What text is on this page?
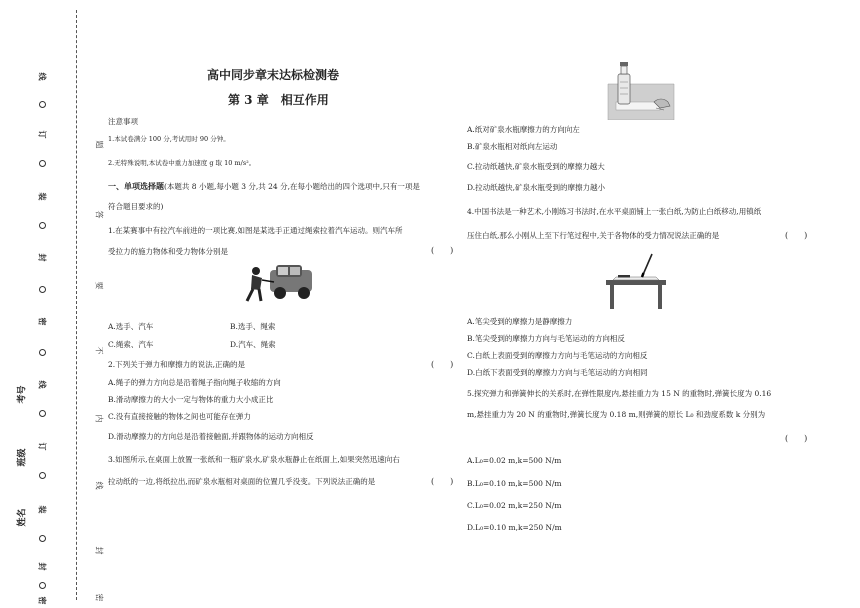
线
订
装
封
密
线
订
装
封
密
题
答
要
不
内
线
封
密
考号
班级
姓名
高中同步章末达标检测卷
第 3 章　相互作用
注意事项
1.本试卷满分 100 分,考试用时 90 分钟。
2.无特殊说明,本试卷中重力加速度 g 取 10 m/s²。
一、单项选择题(本题共 8 小题,每小题 3 分,共 24 分,在每小题给出的四个选项中,只有一项是
符合题目要求的)
1.在某赛事中有拉汽车前进的一项比赛,如图是某选手正通过绳索拉着汽车运动。则汽车所
受拉力的施力物体和受力物体分别是	(　　)
A.选手、汽车	B.选手、绳索
C.绳索、汽车	D.汽车、绳索
2.下列关于弹力和摩擦力的说法,正确的是	(　　)
A.绳子的弹力方向总是沿着绳子指向绳子收缩的方向
B.滑动摩擦力的大小一定与物体的重力大小成正比
C.没有直接接触的物体之间也可能存在弹力
D.滑动摩擦力的方向总是沿着接触面,并跟物体的运动方向相反
3.如图所示,在桌面上放置一张纸和一瓶矿泉水,矿泉水瓶静止在纸面上,如果突然迅速向右
拉动纸的一边,将纸拉出,而矿泉水瓶相对桌面的位置几乎没变。下列说法正确的是	(　　)
A.纸对矿泉水瓶摩擦力的方向向左
B.矿泉水瓶相对纸向左运动
C.拉动纸越快,矿泉水瓶受到的摩擦力越大
D.拉动纸越快,矿泉水瓶受到的摩擦力越小
4.中国书法是一种艺术,小刚练习书法时,在水平桌面铺上一张白纸,为防止白纸移动,用镇纸
压住白纸,那么小刚从上至下行笔过程中,关于各物体的受力情况说法正确的是	(　　)
A.笔尖受到的摩擦力是静摩擦力
B.笔尖受到的摩擦力方向与毛笔运动的方向相反
C.白纸上表面受到的摩擦力方向与毛笔运动的方向相反
D.白纸下表面受到的摩擦力方向与毛笔运动的方向相同
5.探究弹力和弹簧伸长的关系时,在弹性限度内,悬挂重力为 15 N 的重物时,弹簧长度为 0.16
m,悬挂重力为 20 N 的重物时,弹簧长度为 0.18 m,则弹簧的原长 L₀ 和劲度系数 k 分别为
(　　)
A.L₀=0.02 m,k=500 N/m
B.L₀=0.10 m,k=500 N/m
C.L₀=0.02 m,k=250 N/m
D.L₀=0.10 m,k=250 N/m
